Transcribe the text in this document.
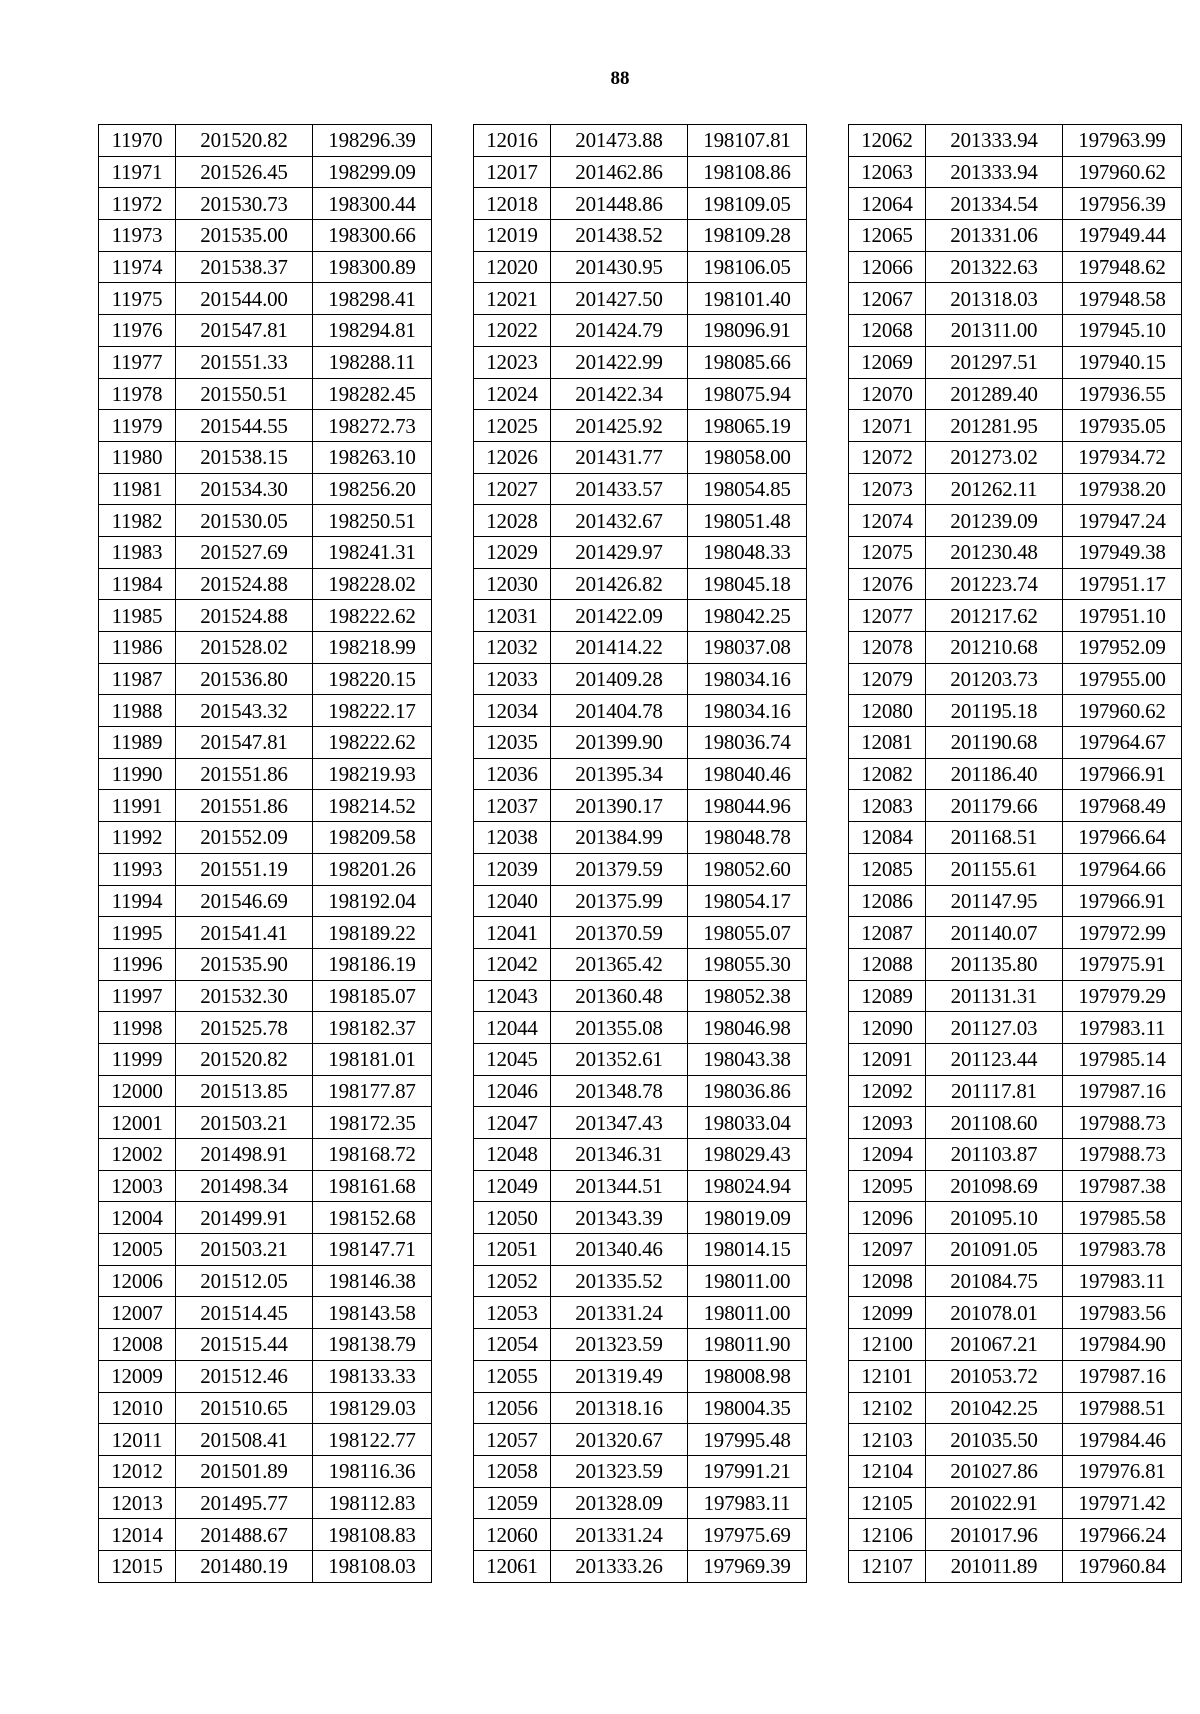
88
11970	201520.82	198296.39
11971	201526.45	198299.09
11972	201530.73	198300.44
11973	201535.00	198300.66
11974	201538.37	198300.89
11975	201544.00	198298.41
11976	201547.81	198294.81
11977	201551.33	198288.11
11978	201550.51	198282.45
11979	201544.55	198272.73
11980	201538.15	198263.10
11981	201534.30	198256.20
11982	201530.05	198250.51
11983	201527.69	198241.31
11984	201524.88	198228.02
11985	201524.88	198222.62
11986	201528.02	198218.99
11987	201536.80	198220.15
11988	201543.32	198222.17
11989	201547.81	198222.62
11990	201551.86	198219.93
11991	201551.86	198214.52
11992	201552.09	198209.58
11993	201551.19	198201.26
11994	201546.69	198192.04
11995	201541.41	198189.22
11996	201535.90	198186.19
11997	201532.30	198185.07
11998	201525.78	198182.37
11999	201520.82	198181.01
12000	201513.85	198177.87
12001	201503.21	198172.35
12002	201498.91	198168.72
12003	201498.34	198161.68
12004	201499.91	198152.68
12005	201503.21	198147.71
12006	201512.05	198146.38
12007	201514.45	198143.58
12008	201515.44	198138.79
12009	201512.46	198133.33
12010	201510.65	198129.03
12011	201508.41	198122.77
12012	201501.89	198116.36
12013	201495.77	198112.83
12014	201488.67	198108.83
12015	201480.19	198108.03
12016	201473.88	198107.81
12017	201462.86	198108.86
12018	201448.86	198109.05
12019	201438.52	198109.28
12020	201430.95	198106.05
12021	201427.50	198101.40
12022	201424.79	198096.91
12023	201422.99	198085.66
12024	201422.34	198075.94
12025	201425.92	198065.19
12026	201431.77	198058.00
12027	201433.57	198054.85
12028	201432.67	198051.48
12029	201429.97	198048.33
12030	201426.82	198045.18
12031	201422.09	198042.25
12032	201414.22	198037.08
12033	201409.28	198034.16
12034	201404.78	198034.16
12035	201399.90	198036.74
12036	201395.34	198040.46
12037	201390.17	198044.96
12038	201384.99	198048.78
12039	201379.59	198052.60
12040	201375.99	198054.17
12041	201370.59	198055.07
12042	201365.42	198055.30
12043	201360.48	198052.38
12044	201355.08	198046.98
12045	201352.61	198043.38
12046	201348.78	198036.86
12047	201347.43	198033.04
12048	201346.31	198029.43
12049	201344.51	198024.94
12050	201343.39	198019.09
12051	201340.46	198014.15
12052	201335.52	198011.00
12053	201331.24	198011.00
12054	201323.59	198011.90
12055	201319.49	198008.98
12056	201318.16	198004.35
12057	201320.67	197995.48
12058	201323.59	197991.21
12059	201328.09	197983.11
12060	201331.24	197975.69
12061	201333.26	197969.39
12062	201333.94	197963.99
12063	201333.94	197960.62
12064	201334.54	197956.39
12065	201331.06	197949.44
12066	201322.63	197948.62
12067	201318.03	197948.58
12068	201311.00	197945.10
12069	201297.51	197940.15
12070	201289.40	197936.55
12071	201281.95	197935.05
12072	201273.02	197934.72
12073	201262.11	197938.20
12074	201239.09	197947.24
12075	201230.48	197949.38
12076	201223.74	197951.17
12077	201217.62	197951.10
12078	201210.68	197952.09
12079	201203.73	197955.00
12080	201195.18	197960.62
12081	201190.68	197964.67
12082	201186.40	197966.91
12083	201179.66	197968.49
12084	201168.51	197966.64
12085	201155.61	197964.66
12086	201147.95	197966.91
12087	201140.07	197972.99
12088	201135.80	197975.91
12089	201131.31	197979.29
12090	201127.03	197983.11
12091	201123.44	197985.14
12092	201117.81	197987.16
12093	201108.60	197988.73
12094	201103.87	197988.73
12095	201098.69	197987.38
12096	201095.10	197985.58
12097	201091.05	197983.78
12098	201084.75	197983.11
12099	201078.01	197983.56
12100	201067.21	197984.90
12101	201053.72	197987.16
12102	201042.25	197988.51
12103	201035.50	197984.46
12104	201027.86	197976.81
12105	201022.91	197971.42
12106	201017.96	197966.24
12107	201011.89	197960.84
